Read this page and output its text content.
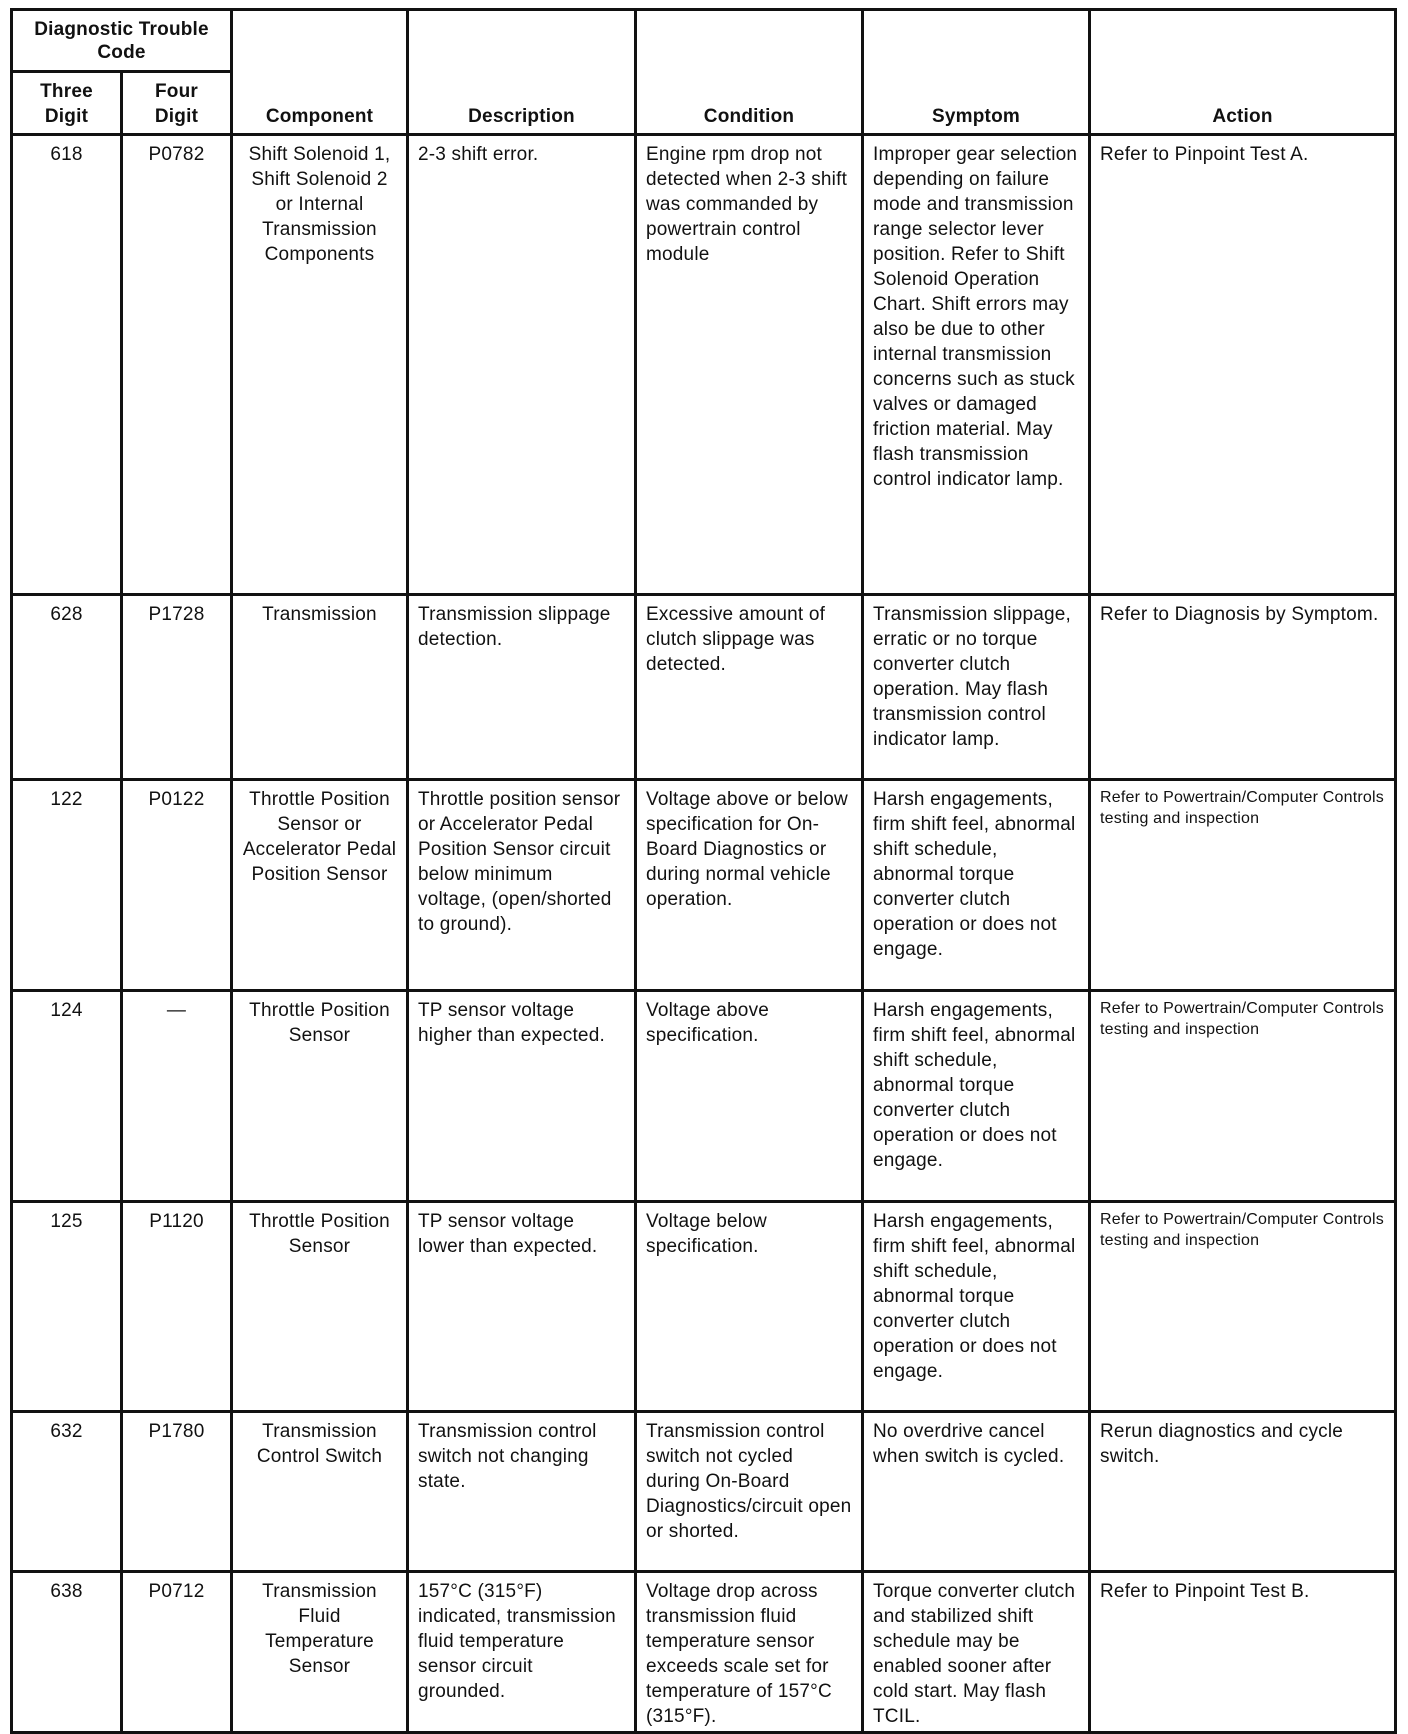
Diagnostic Trouble Code						
Three Digit	Four Digit	Component	Description	Condition	Symptom	Action
618	P0782	Shift Solenoid 1, Shift Solenoid 2 or Internal Transmission Components	2-3 shift error.	Engine rpm drop not detected when 2-3 shift was commanded by powertrain control module	Improper gear selection depending on failure mode and transmission range selector lever position. Refer to Shift Solenoid Operation Chart. Shift errors may also be due to other internal transmission concerns such as stuck valves or damaged friction material. May flash transmission control indicator lamp.	Refer to Pinpoint Test A.
628	P1728	Transmission	Transmission slippage detection.	Excessive amount of clutch slippage was detected.	Transmission slippage, erratic or no torque converter clutch operation. May flash transmission control indicator lamp.	Refer to Diagnosis by Symptom.
122	P0122	Throttle Position Sensor or Accelerator Pedal Position Sensor	Throttle position sensor or Accelerator Pedal Position Sensor circuit below minimum voltage, (open/shorted to ground).	Voltage above or below specification for On-Board Diagnostics or during normal vehicle operation.	Harsh engagements, firm shift feel, abnormal shift schedule, abnormal torque converter clutch operation or does not engage.	Refer to Powertrain/Computer Controls testing and inspection
124	—	Throttle Position Sensor	TP sensor voltage higher than expected.	Voltage above specification.	Harsh engagements, firm shift feel, abnormal shift schedule, abnormal torque converter clutch operation or does not engage.	Refer to Powertrain/Computer Controls testing and inspection
125	P1120	Throttle Position Sensor	TP sensor voltage lower than expected.	Voltage below specification.	Harsh engagements, firm shift feel, abnormal shift schedule, abnormal torque converter clutch operation or does not engage.	Refer to Powertrain/Computer Controls testing and inspection
632	P1780	Transmission Control Switch	Transmission control switch not changing state.	Transmission control switch not cycled during On-Board Diagnostics/circuit open or shorted.	No overdrive cancel when switch is cycled.	Rerun diagnostics and cycle switch.
638	P0712	Transmission Fluid Temperature Sensor	157°C (315°F) indicated, transmission fluid temperature sensor circuit grounded.	Voltage drop across transmission fluid temperature sensor exceeds scale set for temperature of 157°C (315°F).	Torque converter clutch and stabilized shift schedule may be enabled sooner after cold start. May flash TCIL.	Refer to Pinpoint Test B.
